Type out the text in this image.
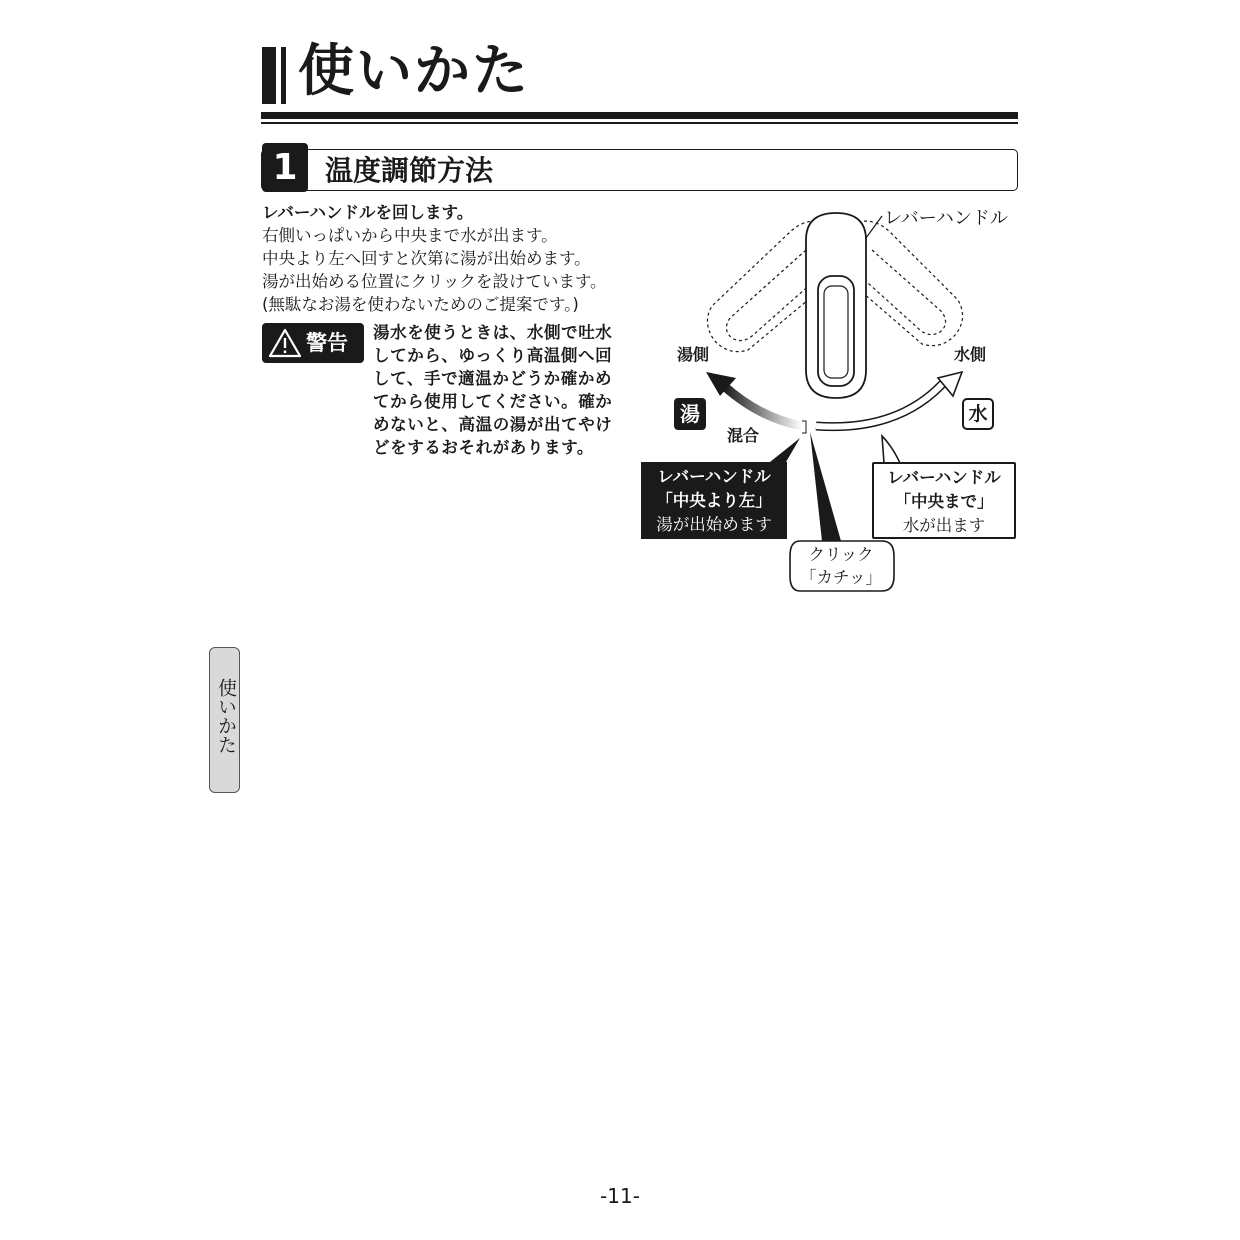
使いかた
1 温度調節方法
レバーハンドルを回します。
右側いっぱいから中央まで水が出ます。
中央より左へ回すと次第に湯が出始めます。
湯が出始める位置にクリックを設けています。
(無駄なお湯を使わないためのご提案です。)
警告 湯水を使うときは、水側で吐水
してから、ゆっくり高温側へ回
して、手で適温かどうか確かめ
てから使用してください。確か
めないと、高温の湯が出てやけ
どをするおそれがあります。
レバーハンドル
湯側	水側
混合
湯	水
レバーハンドル
「中央より左」
湯が出始めます
レバーハンドル
「中央まで」
水が出ます
クリック
「カチッ」
使いかた
-11-
